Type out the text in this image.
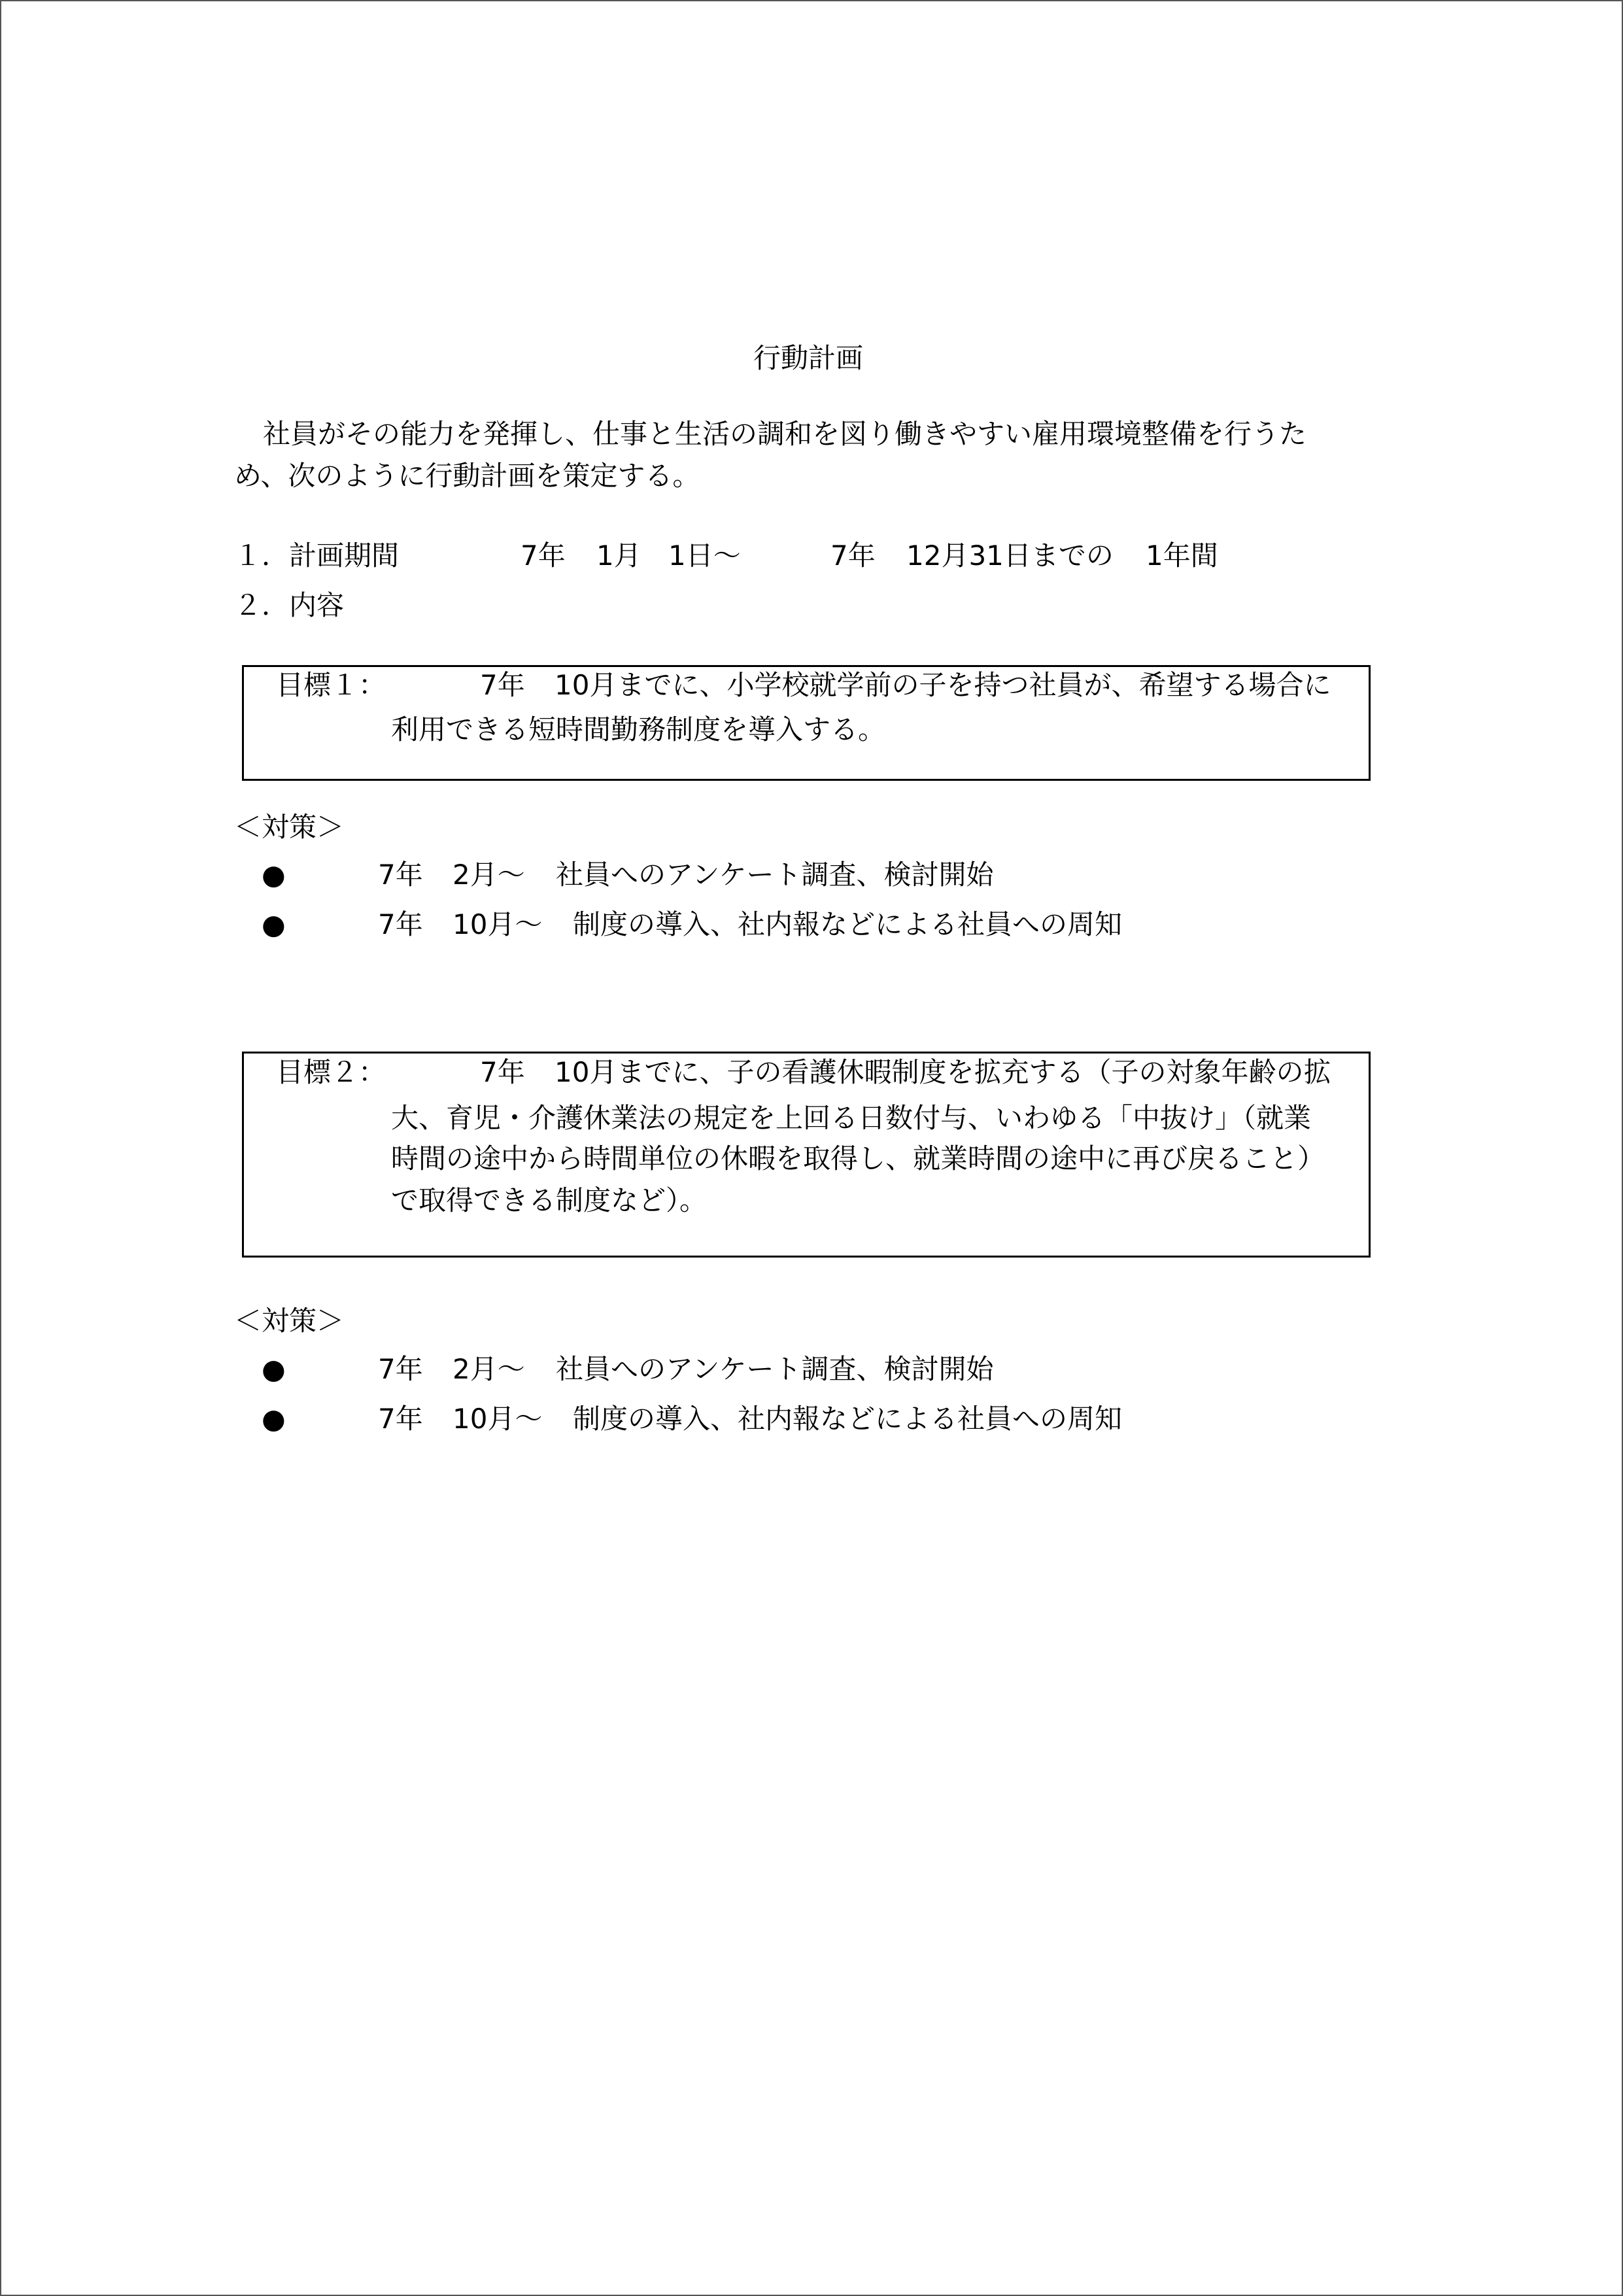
行動計画
社員がその能力を発揮し、仕事と生活の調和を図り働きやすい雇用環境整備を行うた
め、次のように行動計画を策定する。
１．計画期間	7年 1月 1日～	7年 12月31日までの 1年間
２．内容
目標１：	7年 10月までに、小学校就学前の子を持つ社員が、希望する場合に
利用できる短時間勤務制度を導入する。
＜対策＞
●	7年 2月～ 社員へのアンケート調査、検討開始
●	7年 10月～ 制度の導入、社内報などによる社員への周知
目標２：	7年 10月までに、子の看護休暇制度を拡充する（子の対象年齢の拡
大、育児・介護休業法の規定を上回る日数付与、いわゆる「中抜け」（就業
時間の途中から時間単位の休暇を取得し、就業時間の途中に再び戻ること）
で取得できる制度など）。
＜対策＞
●	7年 2月～ 社員へのアンケート調査、検討開始
●	7年 10月～ 制度の導入、社内報などによる社員への周知
